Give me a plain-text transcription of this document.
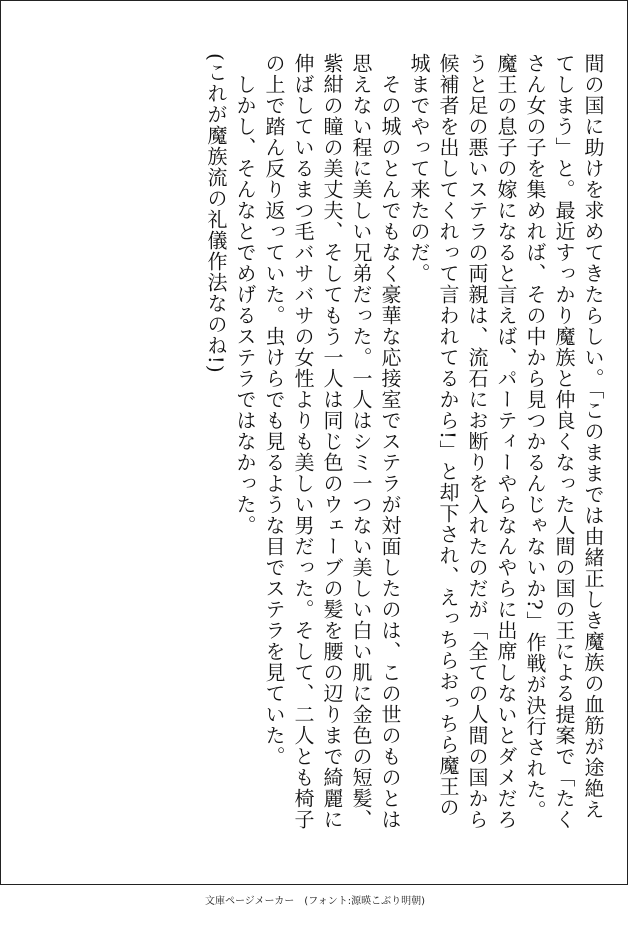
間の国に助けを求めてきたらしい。「このままでは由緒正しき魔族の血筋が途絶えてしまう」と。最近すっかり魔族と仲良くなった人間の国の王による提案で「たくさん女の子を集めれば、その中から見つかるんじゃないか?」作戦が決行された。魔王の息子の嫁になると言えば、パーティーやらなんやらに出席しないとダメだろうと足の悪いステラの両親は、流石にお断りを入れたのだが「全ての人間の国から候補者を出してくれって言われてるから!」と却下され、えっちらおっちら魔王の城までやって来たのだ。

　その城のとんでもなく豪華な応接室でステラが対面したのは、この世のものとは思えない程に美しい兄弟だった。一人はシミ一つない美しい白い肌に金色の短髪、紫紺の瞳の美丈夫、そしてもう一人は同じ色のウェーブの髪を腰の辺りまで綺麗に伸ばしているまつ毛バサバサの女性よりも美しい男だった。そして、二人とも椅子の上で踏ん反り返っていた。虫けらでも見るような目でステラを見ていた。

　しかし、そんなとでめげるステラではなかった。

(これが魔族流の礼儀作法なのね!)

文庫ページメーカー　(フォント:源暎こぶり明朝)
